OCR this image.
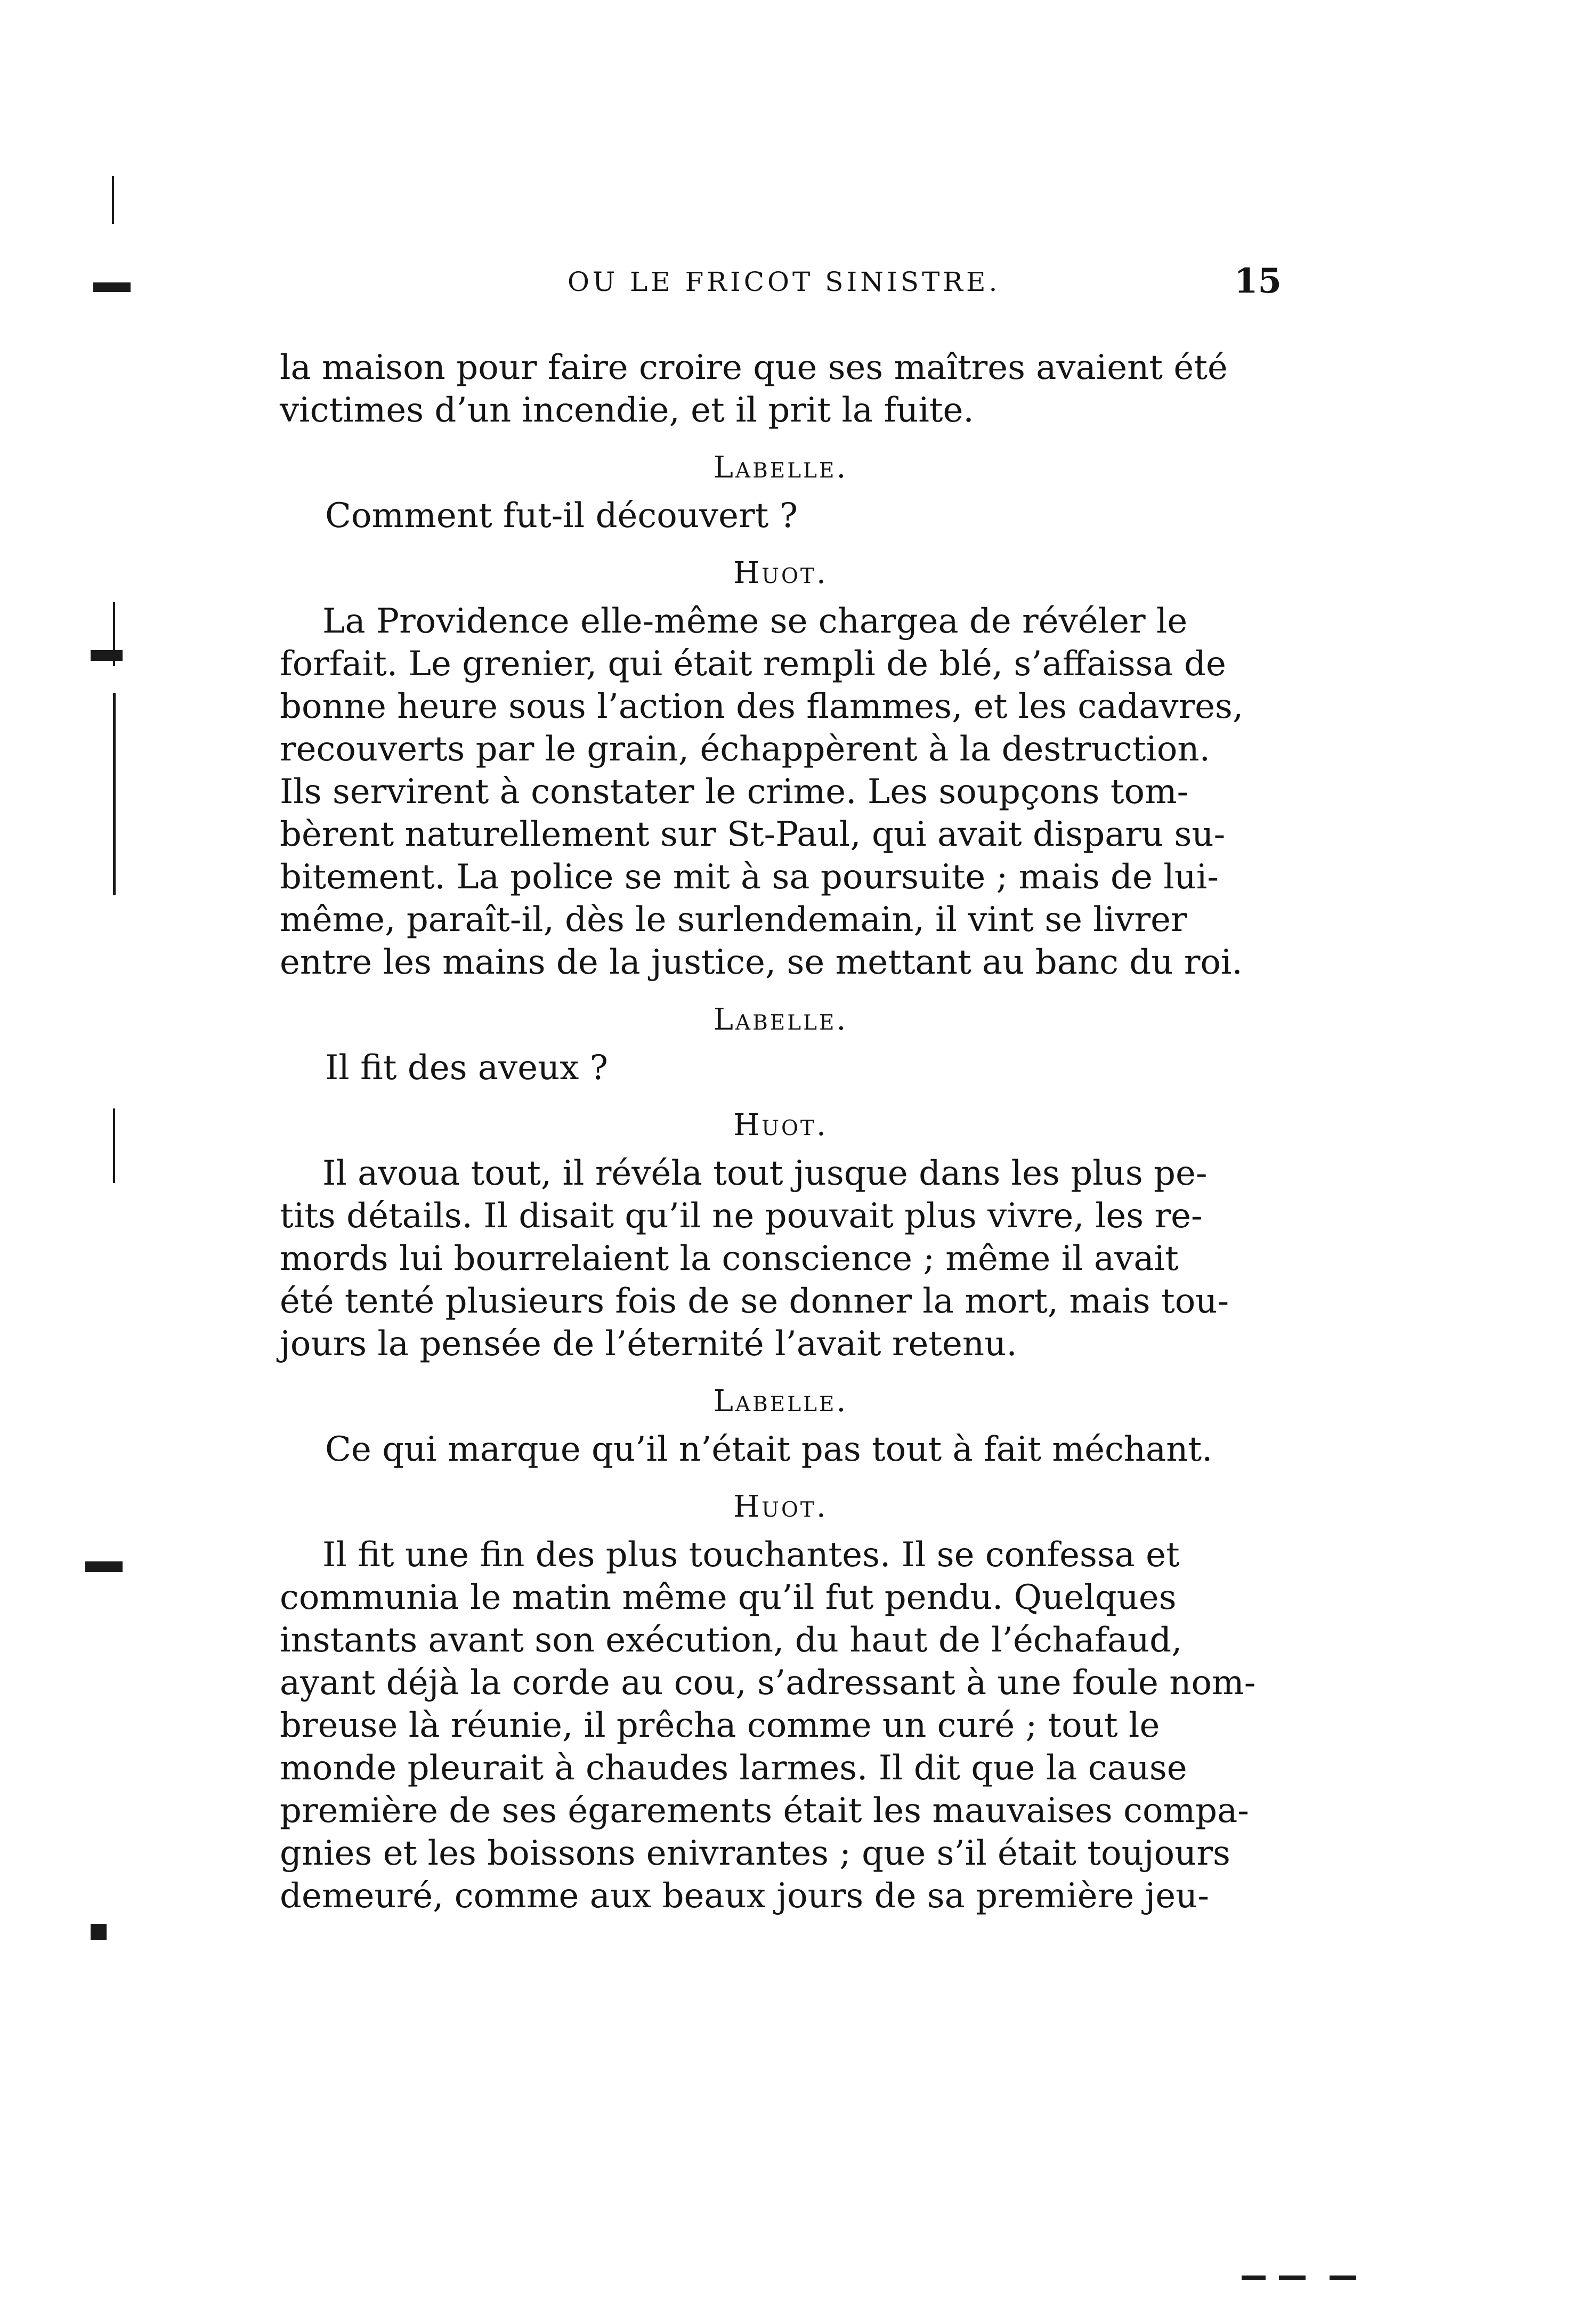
OU LE FRICOT SINISTRE.	15

la maison pour faire croire que ses maîtres avaient été
victimes d’un incendie, et il prit la fuite.

Labelle.

Comment fut-il découvert ?

Huot.

La Providence elle-même se chargea de révéler le
forfait. Le grenier, qui était rempli de blé, s’affaissa de
bonne heure sous l’action des flammes, et les cadavres,
recouverts par le grain, échappèrent à la destruction.
Ils servirent à constater le crime. Les soupçons tom-
bèrent naturellement sur St-Paul, qui avait disparu su-
bitement. La police se mit à sa poursuite ; mais de lui-
même, paraît-il, dès le surlendemain, il vint se livrer
entre les mains de la justice, se mettant au banc du roi.

Labelle.

Il fit des aveux ?

Huot.

Il avoua tout, il révéla tout jusque dans les plus pe-
tits détails. Il disait qu’il ne pouvait plus vivre, les re-
mords lui bourrelaient la conscience ; même il avait
été tenté plusieurs fois de se donner la mort, mais tou-
jours la pensée de l’éternité l’avait retenu.

Labelle.

Ce qui marque qu’il n’était pas tout à fait méchant.

Huot.

Il fit une fin des plus touchantes. Il se confessa et
communia le matin même qu’il fut pendu. Quelques
instants avant son exécution, du haut de l’échafaud,
ayant déjà la corde au cou, s’adressant à une foule nom-
breuse là réunie, il prêcha comme un curé ; tout le
monde pleurait à chaudes larmes. Il dit que la cause
première de ses égarements était les mauvaises compa-
gnies et les boissons enivrantes ; que s’il était toujours
demeuré, comme aux beaux jours de sa première jeu-
